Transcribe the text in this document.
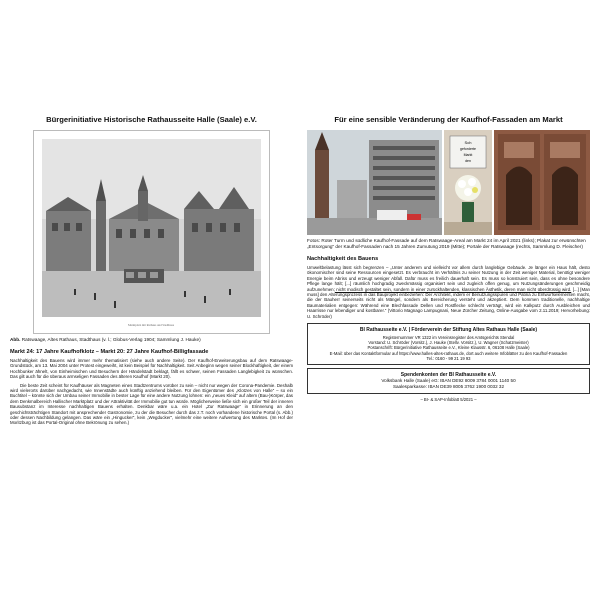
Bürgerinitiative Historische Rathausseite Halle (Saale) e.V.
Marktplatz mit Rathaus und Stadthaus
Abb. Ratswaage, Altes Rathaus, Stadthaus (v. l.; Globus-Verlag 1904; Sammlung J. Hauke)
Markt 24: 17 Jahre Kaufhofklotz – Markt 20: 27 Jahre Kaufhof-Billigfassade
Nachhaltigkeit des Bauens wird immer mehr thematisiert (siehe auch andere Seite). Der Kaufhof-Erweiterungsbau auf dem Ratswaage-Grundstück, am 13. Mai 2004 unter Protest eingeweiht, ist kein Beispiel für Nachhaltigkeit. Seit Anbeginn wegen seiner Blockhaftigkeit, der einem Hochbunker ähnelt, von Einheimischen und Besuchern der Händelstadt beklagt, fällt es schwer, seinen Fassaden Langlebigkeit zu wünschen. Das gilt auch für die überaus armseligen Fassaden des älteren Kaufhof (Markt 20).
Die beste Zeit scheint für Kaufhäuser als Magneten eines Stadtzentrums vorüber zu sein – nicht nur wegen der Corona-Pandemie. Deshalb wird vielerorts darüber nachgedacht, wie Innenstädte auch künftig anziehend bleiben. Für den Eigentümer des „Klotzes von Halle“ – so ein Buchtitel – könnte sich der Umbau seiner Immobilie in bester Lage für eine andere Nutzung lohnen: ein „neues Kleid“ auf altem (Bau-)Körper, das dem Denkmalbereich Hallischer Marktplatz und der Attraktivität der Immobilie gut tun würde. Möglicherweise ließe sich ein großer Teil der inneren Bausubstanz im Interesse nachhaltigen Bauens erhalten. Denkbar wäre u.a. ein Hotel „Zur Ratswaage“ in Erinnerung an den geschichtsträchtigen Standort mit ansprechender Gastronomie, zu der die Besucher durch das z.T. noch vorhandene historische Portal (s. Abb.) oder dessen Nachbildung gelangen. Das wäre ein „Hingucker“, kein „Wegducker“, vielmehr eine weitere Aufwertung des Marktes. (Im Hof der Moritzburg ist das Portal-Original ohne Bekrönung zu sehen.)
Für eine sensible Veränderung der Kaufhof-Fassaden am Markt
Sch
geforderte
Markt
den
Fotos: Roter Turm und südliche Kaufhof-Fassade auf dem Ratswaage-Areal am Markt 24 im April 2021 (links); Plakat zur erwünschten „Entsorgung“ der Kaufhof-Fassaden nach 15 Jahren Zumutung 2019 (Mitte); Portale der Ratswaage (rechts, Sammlung D. Fleischer)
Nachhaltigkeit des Bauens
Umweltbelastung lässt sich begrenzen – „Unter anderem und vielleicht vor allem durch langlebige Gebäude. Je länger ein Haus hält, desto ökonomischer sind seine Ressourcen eingesetzt. Es verbraucht im Verhältnis zu seiner Nutzung in der Zeit weniger Material, benötigt weniger Energie beim Abriss und erzeugt weniger Abfall. Dafür muss es freilich dauerhaft sein. Es muss so konstruiert sein, dass es ohne besondere Pflege lange hält; [...] räumlich hochgradig zweckmässig organisiert sein und zugleich offen genug, um Nutzungsänderungen geschmeidig aufzunehmen; nicht modisch gestaltet sein, sondern in einer zurückhaltenden, klassischen Ästhetik, deren man nicht überdrüssig wird. [...] [Man muss] den Alterungsprozess in das Bauprojekt einbeziehen: Der Architekt, indem er Benutzungsspuren und Patina zu Entwurfselementen macht, die der Bauherr seinerseits nicht als Mängel, sondern als Bereicherung versteht und akzeptiert. Dem kommen traditionelle, nachhaltige Baumaterialien entgegen: Während eine Blechfassade Dellen und Rostflecke schlecht verträgt, wird ein Kalkputz durch Ausbleichen und Haarrisse nur lebendiger und kostbarer.“ (Vittorio Magnago Lampugnani, Neue Zürcher Zeitung, Online-Ausgabe vom 2.11.2019; Hervorhebung: U. Schröder)
BI Rathausseite e.V. | Förderverein der Stiftung Altes Rathaus Halle (Saale)
Registernummer VR 1322 im Vereinsregister des Amtsgerichts Stendal
Vorstand: U. Schröder (Vorsitz.), J. Hauke (Stellv. Vorsitz.), U. Wagner (Schatzmeister)
Postanschrift: Bürgerinitiative Rathausseite e.V., Kleine Klausstr. 6, 06108 Halle (Saale)
E-Mail: über das Kontaktformular auf https://www.halles-altes-rathaus.de, dort auch weitere Infoblätter zu den Kaufhof-Fassaden
Tel.: 0160 - 99 21 19 93
Spendenkonten der BI Rathausseite e.V.
Volksbank Halle (Saale) eG: IBAN DE92 8009 3784 0001 1140 50
Saalesparkasse: IBAN DE39 8005 3762 1900 0032 32
– BI- & SAP-Infoblatt 5/2021 –
